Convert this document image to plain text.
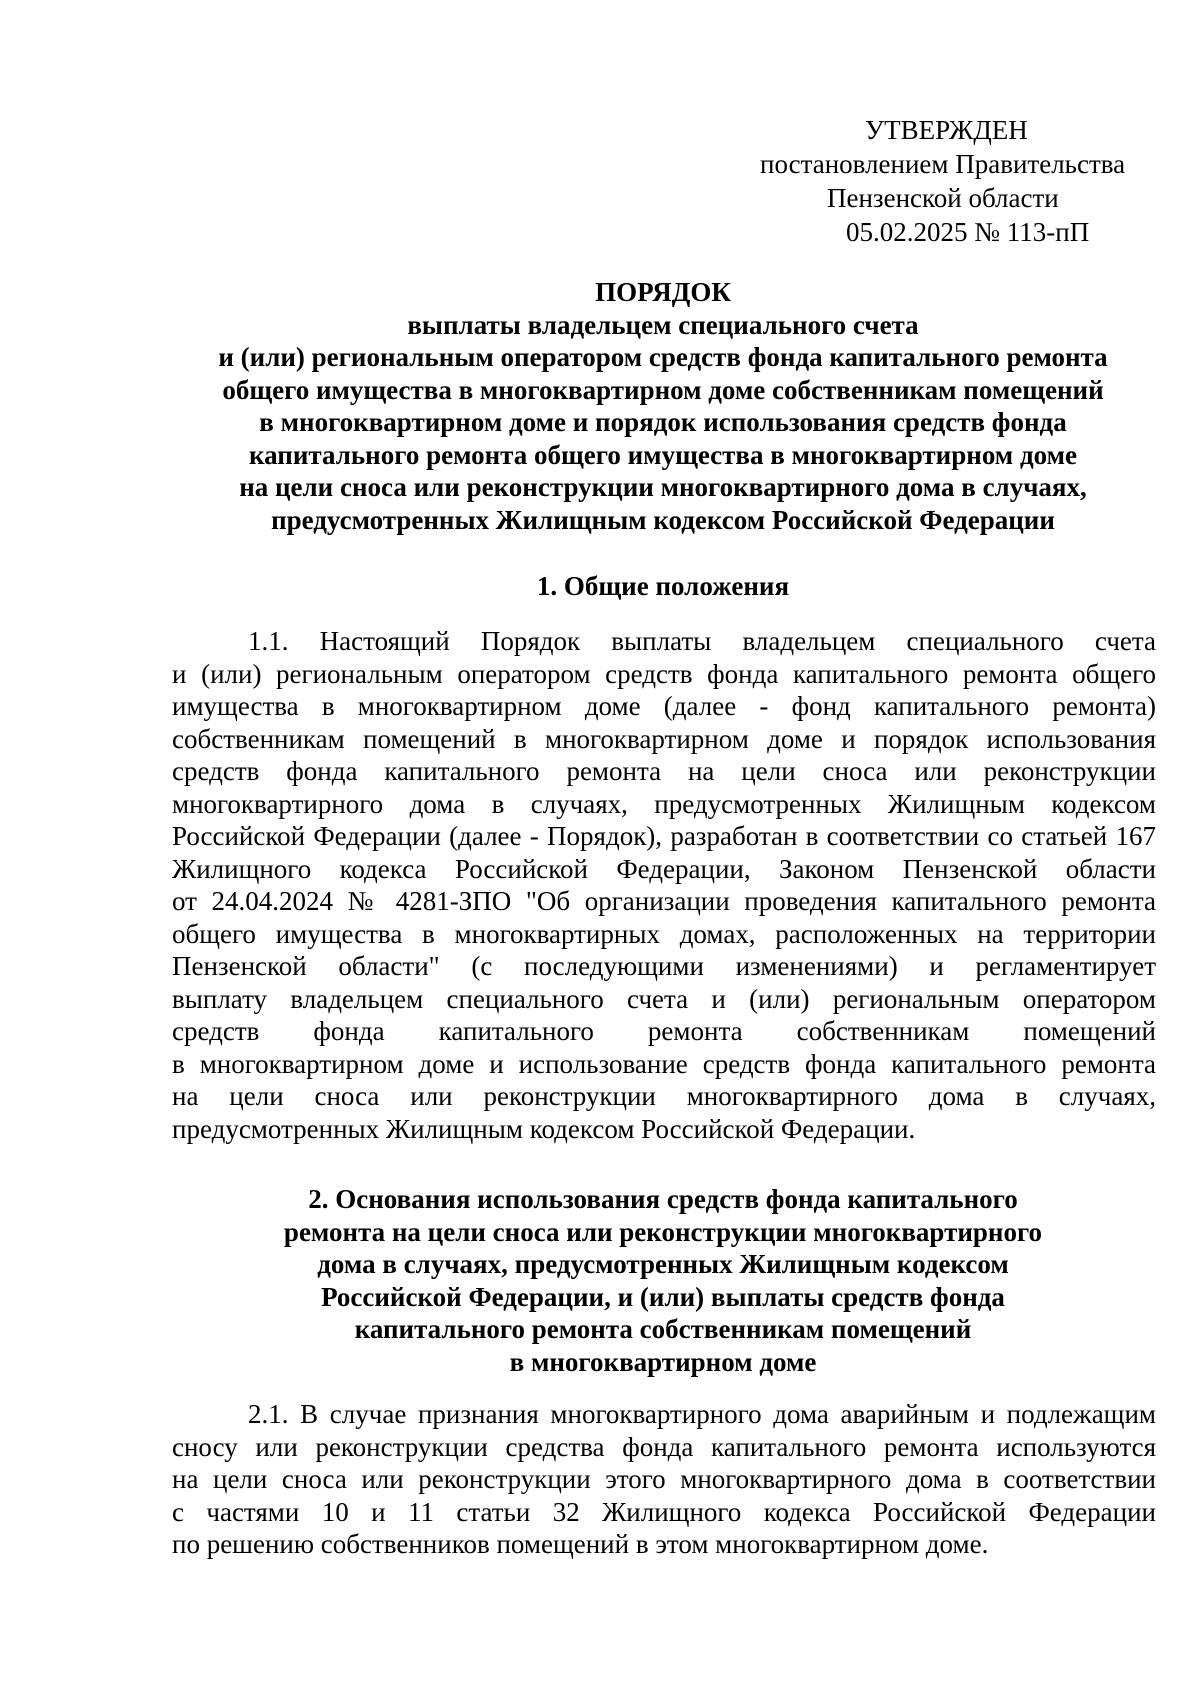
УТВЕРЖДЕН
постановлением Правительства
Пензенской области
05.02.2025 № 113-пП
ПОРЯДОК
выплаты владельцем специального счета
и (или) региональным оператором средств фонда капитального ремонта
общего имущества в многоквартирном доме собственникам помещений
в многоквартирном доме и порядок использования средств фонда
капитального ремонта общего имущества в многоквартирном доме
на цели сноса или реконструкции многоквартирного дома в случаях,
предусмотренных Жилищным кодексом Российской Федерации
1. Общие положения
1.1. Настоящий Порядок выплаты владельцем специального счета
и (или) региональным оператором средств фонда капитального ремонта общего
имущества в многоквартирном доме (далее - фонд капитального ремонта)
собственникам помещений в многоквартирном доме и порядок использования
средств фонда капитального ремонта на цели сноса или реконструкции
многоквартирного дома в случаях, предусмотренных Жилищным кодексом
Российской Федерации (далее - Порядок), разработан в соответствии со статьей 167
Жилищного кодекса Российской Федерации, Законом Пензенской области
от 24.04.2024 № 4281-ЗПО "Об организации проведения капитального ремонта
общего имущества в многоквартирных домах, расположенных на территории
Пензенской области" (с последующими изменениями) и регламентирует
выплату владельцем специального счета и (или) региональным оператором
средств фонда капитального ремонта собственникам помещений
в многоквартирном доме и использование средств фонда капитального ремонта
на цели сноса или реконструкции многоквартирного дома в случаях,
предусмотренных Жилищным кодексом Российской Федерации.
2. Основания использования средств фонда капитального
ремонта на цели сноса или реконструкции многоквартирного
дома в случаях, предусмотренных Жилищным кодексом
Российской Федерации, и (или) выплаты средств фонда
капитального ремонта собственникам помещений
в многоквартирном доме
2.1. В случае признания многоквартирного дома аварийным и подлежащим
сносу или реконструкции средства фонда капитального ремонта используются
на цели сноса или реконструкции этого многоквартирного дома в соответствии
с частями 10 и 11 статьи 32 Жилищного кодекса Российской Федерации
по решению собственников помещений в этом многоквартирном доме.
